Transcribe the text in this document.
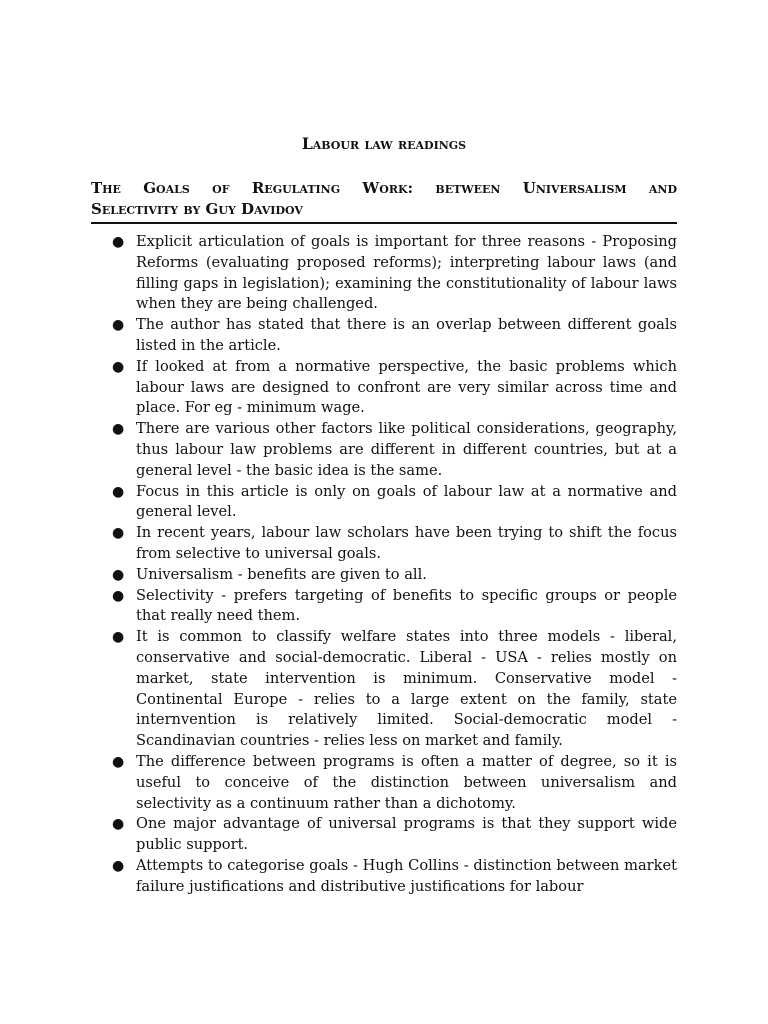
Labour law readings
The Goals of Regulating Work: between Universalism and
Selectivity by Guy Davidov
● Explicit articulation of goals is important for three reasons - Proposing Reforms (evaluating proposed reforms); interpreting labour laws (and filling gaps in legislation); examining the constitutionality of labour laws when they are being challenged.
● The author has stated that there is an overlap between different goals listed in the article.
● If looked at from a normative perspective, the basic problems which labour laws are designed to confront are very similar across time and place. For eg - minimum wage.
● There are various other factors like political considerations, geography, thus labour law problems are different in different countries, but at a general level - the basic idea is the same.
● Focus in this article is only on goals of labour law at a normative and general level.
● In recent years, labour law scholars have been trying to shift the focus from selective to universal goals.
● Universalism - benefits are given to all.
● Selectivity - prefers targeting of benefits to specific groups or people that really need them.
● It is common to classify welfare states into three models - liberal, conservative and social-democratic. Liberal - USA - relies mostly on market, state intervention is minimum. Conservative model - Continental Europe - relies to a large extent on the family, state internvention is relatively limited. Social-democratic model - Scandinavian countries - relies less on market and family.
● The difference between programs is often a matter of degree, so it is useful to conceive of the distinction between universalism and selectivity as a continuum rather than a dichotomy.
● One major advantage of universal programs is that they support wide public support.
● Attempts to categorise goals - Hugh Collins - distinction between market failure justifications and distributive justifications for labour
